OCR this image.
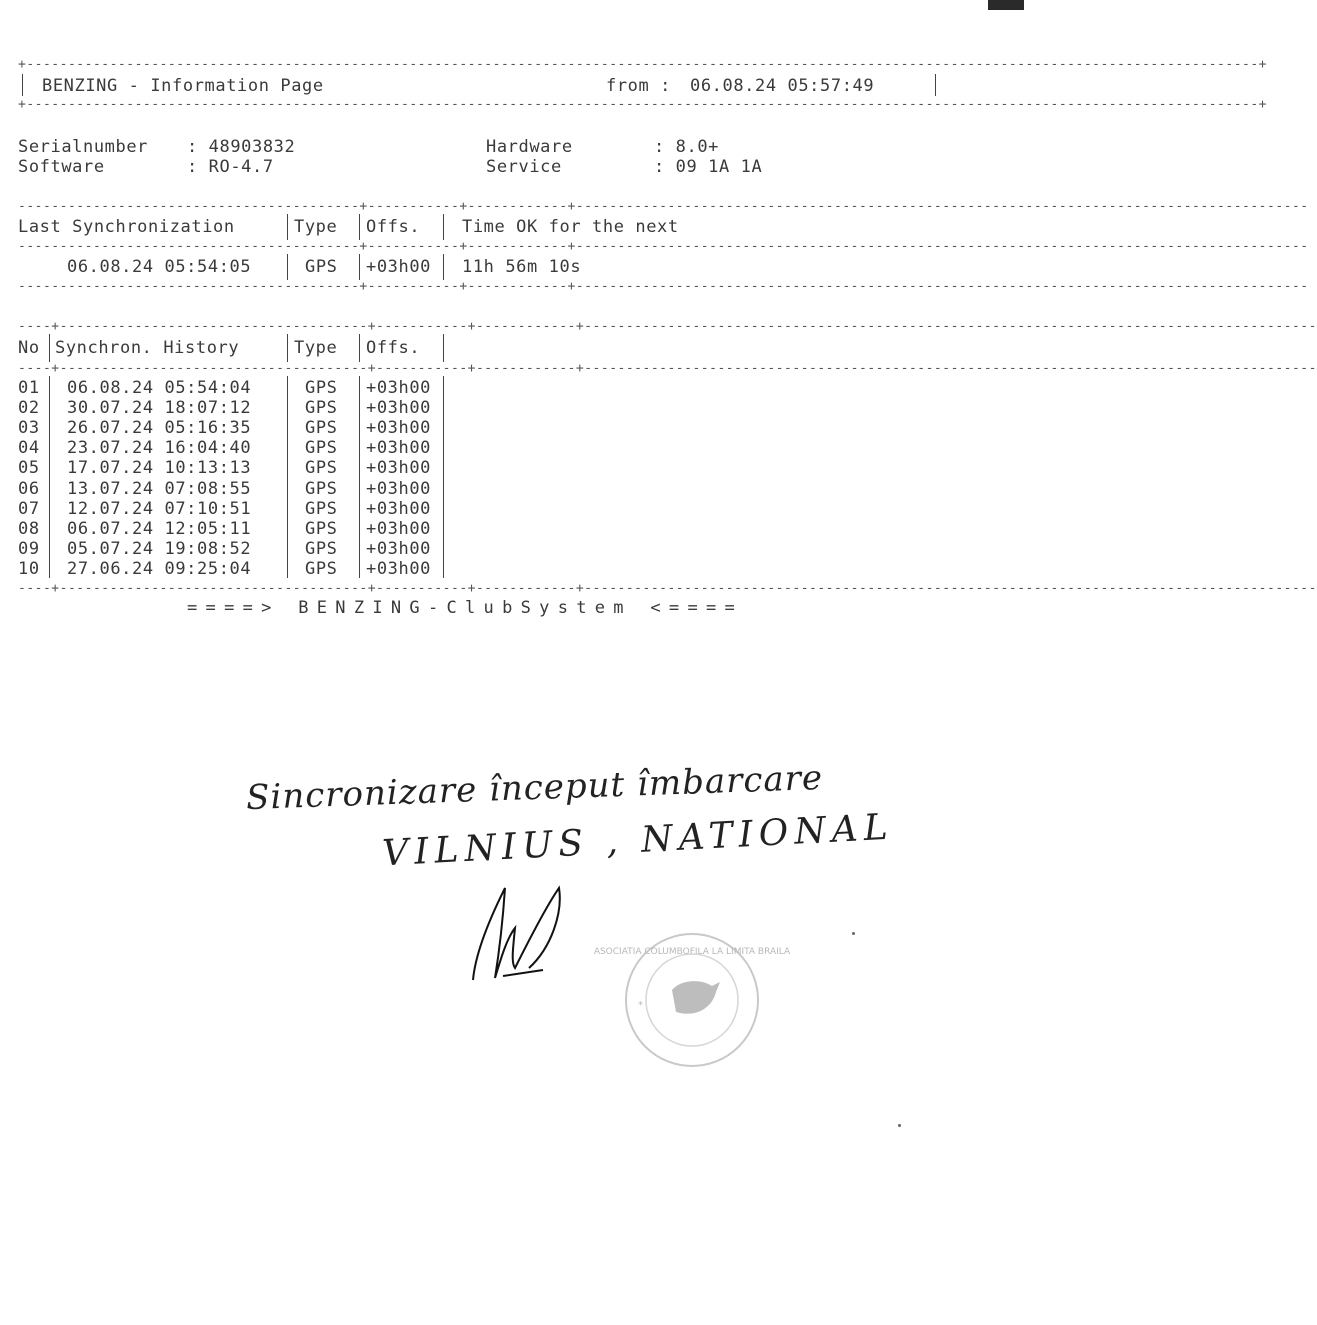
+----------------------------------------------------------------------------------------------------------------------------------------------------+
BENZING - Information Page	from : 06.08.24 05:57:49
+----------------------------------------------------------------------------------------------------------------------------------------------------+
Serialnumber : 48903832
Software	: RO-4.7
Hardware	: 8.0+
Service	: 09 1A 1A
-----------------------------------------+-----------+------------+----------------------------------------------------------------------------------------
Last Synchronization	Type Offs. Time OK for the next
-----------------------------------------+-----------+------------+----------------------------------------------------------------------------------------
06.08.24 05:54:05	GPS +03h00 11h 56m 10s
-----------------------------------------+-----------+------------+----------------------------------------------------------------------------------------
----+-------------------------------------+-----------+------------+----------------------------------------------------------------------------------------
No Synchron. History	Type Offs.
----+-------------------------------------+-----------+------------+----------------------------------------------------------------------------------------
01 06.08.24 05:54:04	GPS +03h00
02 30.07.24 18:07:12	GPS +03h00
03 26.07.24 05:16:35	GPS +03h00
04 23.07.24 16:04:40	GPS +03h00
05 17.07.24 10:13:13	GPS +03h00
06 13.07.24 07:08:55	GPS +03h00
07 12.07.24 07:10:51	GPS +03h00
08 06.07.24 12:05:11	GPS +03h00
09 05.07.24 19:08:52	GPS +03h00
10 27.06.24 09:25:04	GPS +03h00
----+-------------------------------------+-----------+------------+----------------------------------------------------------------------------------------
====> BENZING-ClubSystem <====
Sincronizare început îmbarcare
VILNIUS , NATIONAL
ASOCIATIA COLUMBOFILA LA LIMITA BRAILA
*
